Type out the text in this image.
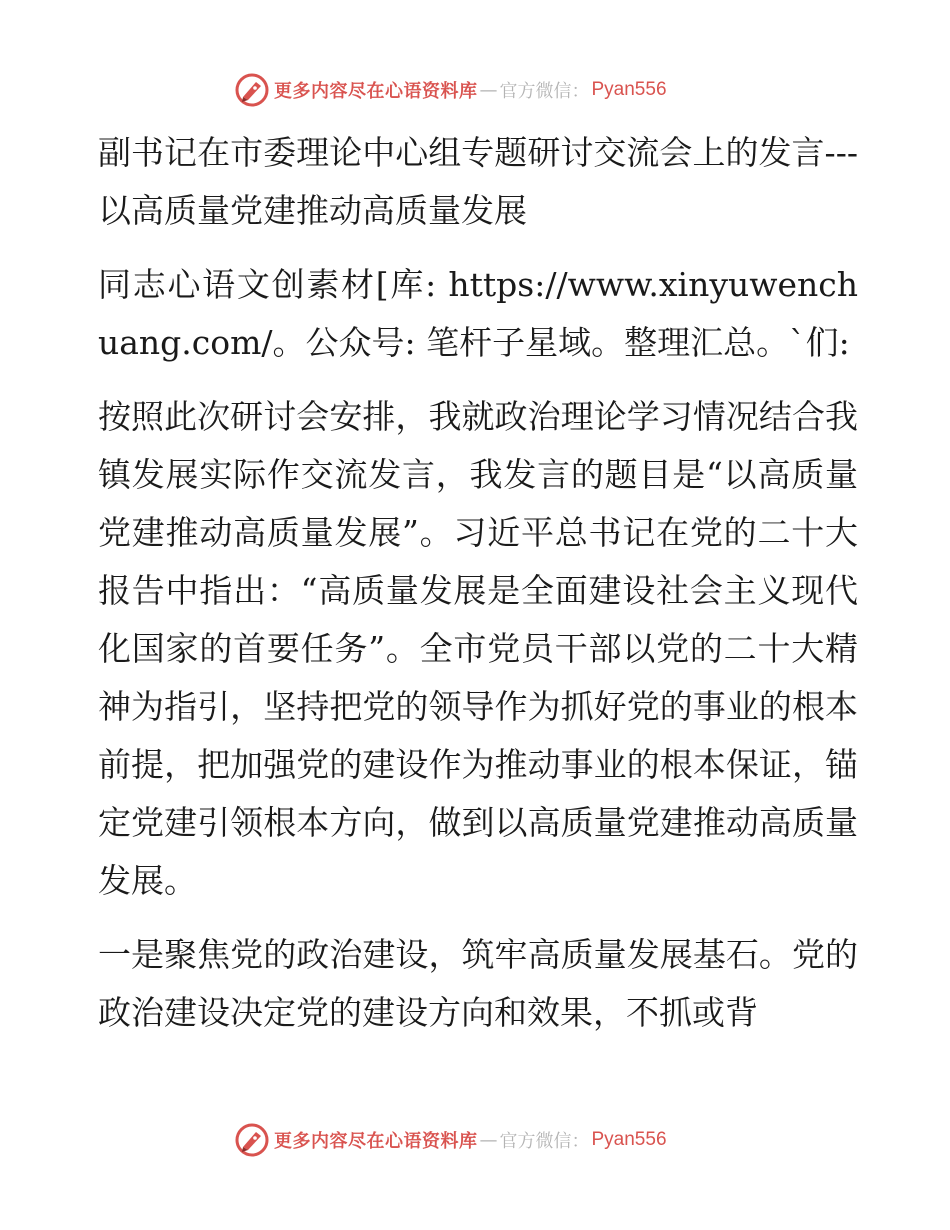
更多内容尽在心语资料库 — 官方微信： Pyan556

副书记在市委理论中心组专题研讨交流会上的发言---以高质量党建推动高质量发展

同志心语文创素材[库: https://www.xinyuwenchuang.com/。公众号: 笔杆子星域。整理汇总。`们:

按照此次研讨会安排，我就政治理论学习情况结合我镇发展实际作交流发言，我发言的题目是“以高质量党建推动高质量发展”。习近平总书记在党的二十大报告中指出：“高质量发展是全面建设社会主义现代化国家的首要任务”。全市党员干部以党的二十大精神为指引，坚持把党的领导作为抓好党的事业的根本前提，把加强党的建设作为推动事业的根本保证，锚定党建引领根本方向，做到以高质量党建推动高质量发展。

一是聚焦党的政治建设，筑牢高质量发展基石。党的政治建设决定党的建设方向和效果，不抓或背

更多内容尽在心语资料库 — 官方微信： Pyan556
